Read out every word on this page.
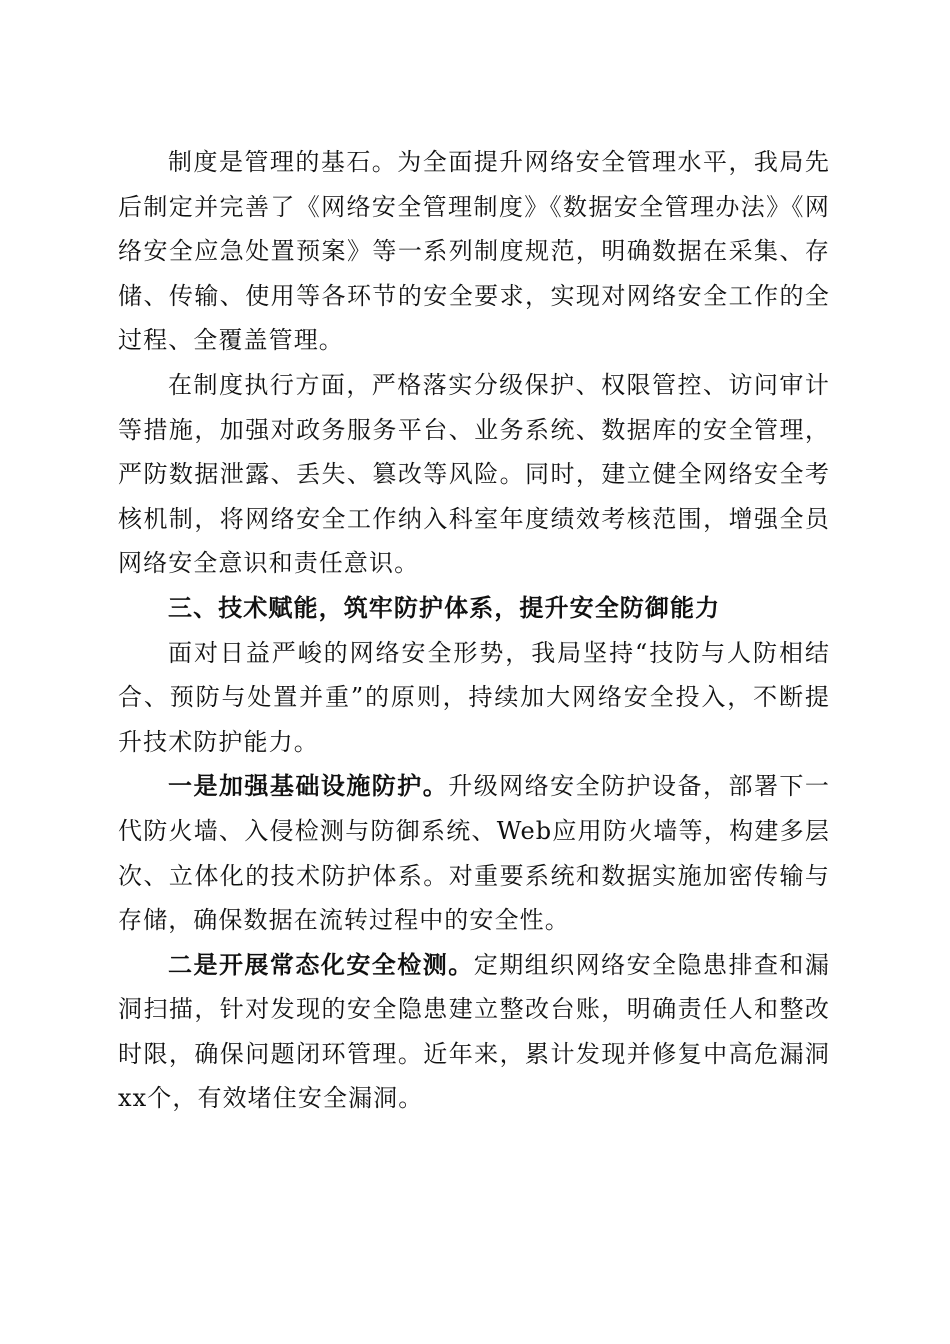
制度是管理的基石。为全面提升网络安全管理水平，我局先后制定并完善了《网络安全管理制度》《数据安全管理办法》《网络安全应急处置预案》等一系列制度规范，明确数据在采集、存储、传输、使用等各环节的安全要求，实现对网络安全工作的全过程、全覆盖管理。

在制度执行方面，严格落实分级保护、权限管控、访问审计等措施，加强对政务服务平台、业务系统、数据库的安全管理，严防数据泄露、丢失、篡改等风险。同时，建立健全网络安全考核机制，将网络安全工作纳入科室年度绩效考核范围，增强全员网络安全意识和责任意识。

三、技术赋能，筑牢防护体系，提升安全防御能力

面对日益严峻的网络安全形势，我局坚持“技防与人防相结合、预防与处置并重”的原则，持续加大网络安全投入，不断提升技术防护能力。

一是加强基础设施防护。升级网络安全防护设备，部署下一代防火墙、入侵检测与防御系统、Web应用防火墙等，构建多层次、立体化的技术防护体系。对重要系统和数据实施加密传输与存储，确保数据在流转过程中的安全性。

二是开展常态化安全检测。定期组织网络安全隐患排查和漏洞扫描，针对发现的安全隐患建立整改台账，明确责任人和整改时限，确保问题闭环管理。近年来，累计发现并修复中高危漏洞xx个，有效堵住安全漏洞。
